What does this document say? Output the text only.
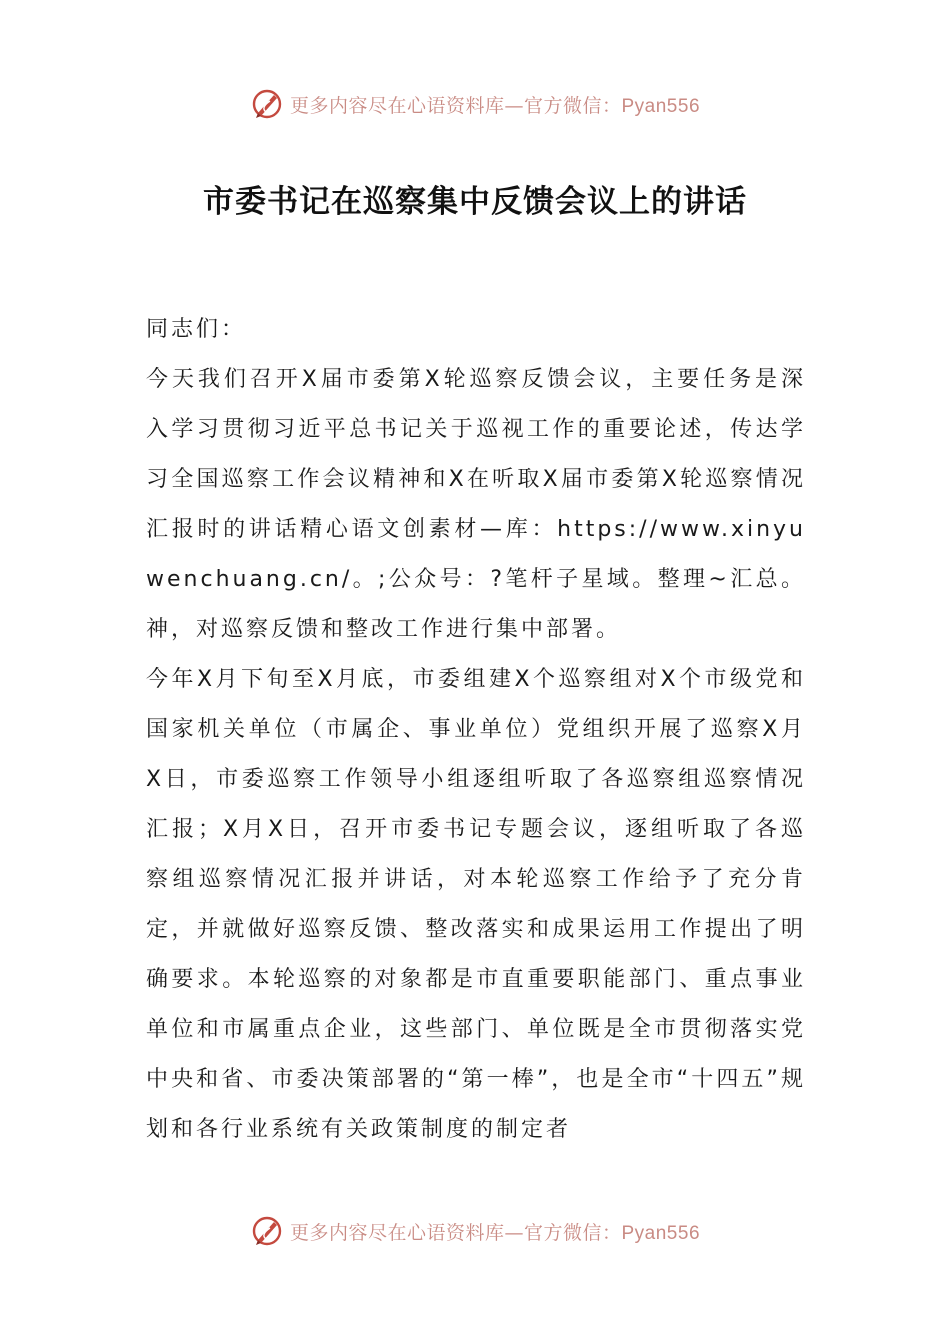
更多内容尽在心语资料库—官方微信：Pyan556
市委书记在巡察集中反馈会议上的讲话

同志们：

今天我们召开X届市委第X轮巡察反馈会议，主要任务是深入学习贯彻习近平总书记关于巡视工作的重要论述，传达学习全国巡察工作会议精神和X在听取X届市委第X轮巡察情况汇报时的讲话精心语文创素材—库：https://www.xinyuwenchuang.cn/。;公众号：?笔杆子星域。整理~汇总。神，对巡察反馈和整改工作进行集中部署。

今年X月下旬至X月底，市委组建X个巡察组对X个市级党和国家机关单位（市属企、事业单位）党组织开展了巡察X月X日，市委巡察工作领导小组逐组听取了各巡察组巡察情况汇报；X月X日，召开市委书记专题会议，逐组听取了各巡察组巡察情况汇报并讲话，对本轮巡察工作给予了充分肯定，并就做好巡察反馈、整改落实和成果运用工作提出了明确要求。本轮巡察的对象都是市直重要职能部门、重点事业单位和市属重点企业，这些部门、单位既是全市贯彻落实党中央和省、市委决策部署的“第一棒”，也是全市“十四五”规划和各行业系统有关政策制度的制定者

更多内容尽在心语资料库—官方微信：Pyan556
